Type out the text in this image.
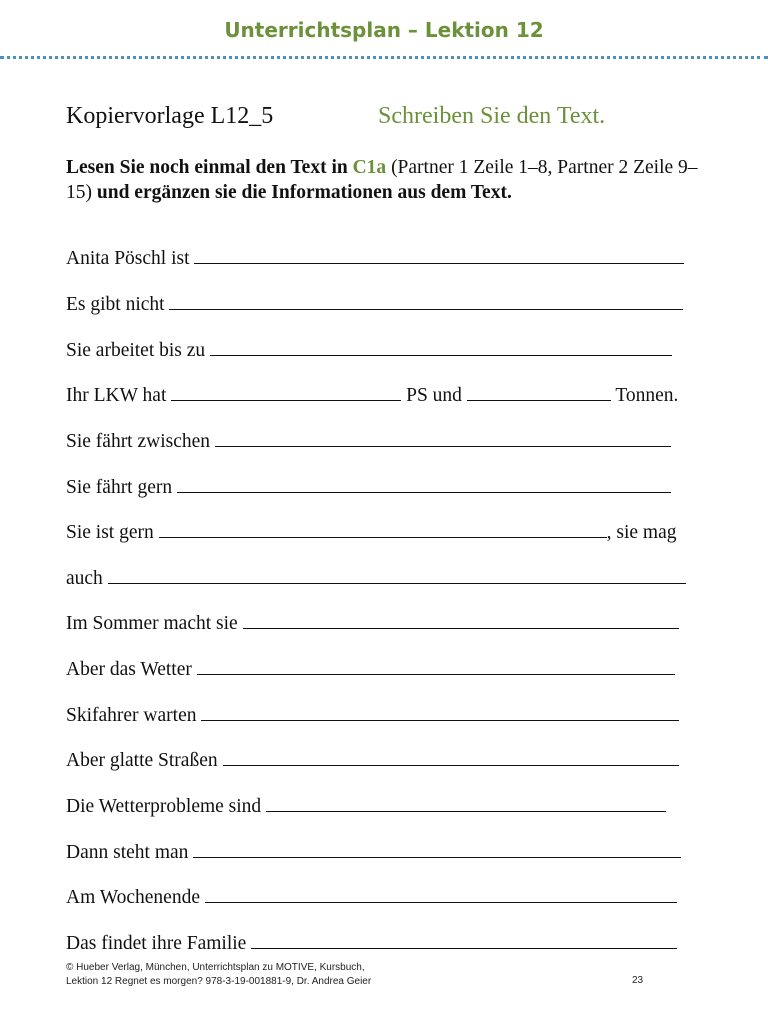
Unterrichtsplan – Lektion 12
Kopiervorlage L12_5	Schreiben Sie den Text.
Lesen Sie noch einmal den Text in C1a (Partner 1 Zeile 1–8, Partner 2 Zeile 9–15) und ergänzen sie die Informationen aus dem Text.
Anita Pöschl ist
Es gibt nicht
Sie arbeitet bis zu
Ihr LKW hat	PS und	Tonnen.
Sie fährt zwischen
Sie fährt gern
Sie ist gern	, sie mag
auch
Im Sommer macht sie
Aber das Wetter
Skifahrer warten
Aber glatte Straßen
Die Wetterprobleme sind
Dann steht man
Am Wochenende
Das findet ihre Familie
© Hueber Verlag, München, Unterrichtsplan zu MOTIVE, Kursbuch,
Lektion 12 Regnet es morgen? 978-3-19-001881-9, Dr. Andrea Geier	23
